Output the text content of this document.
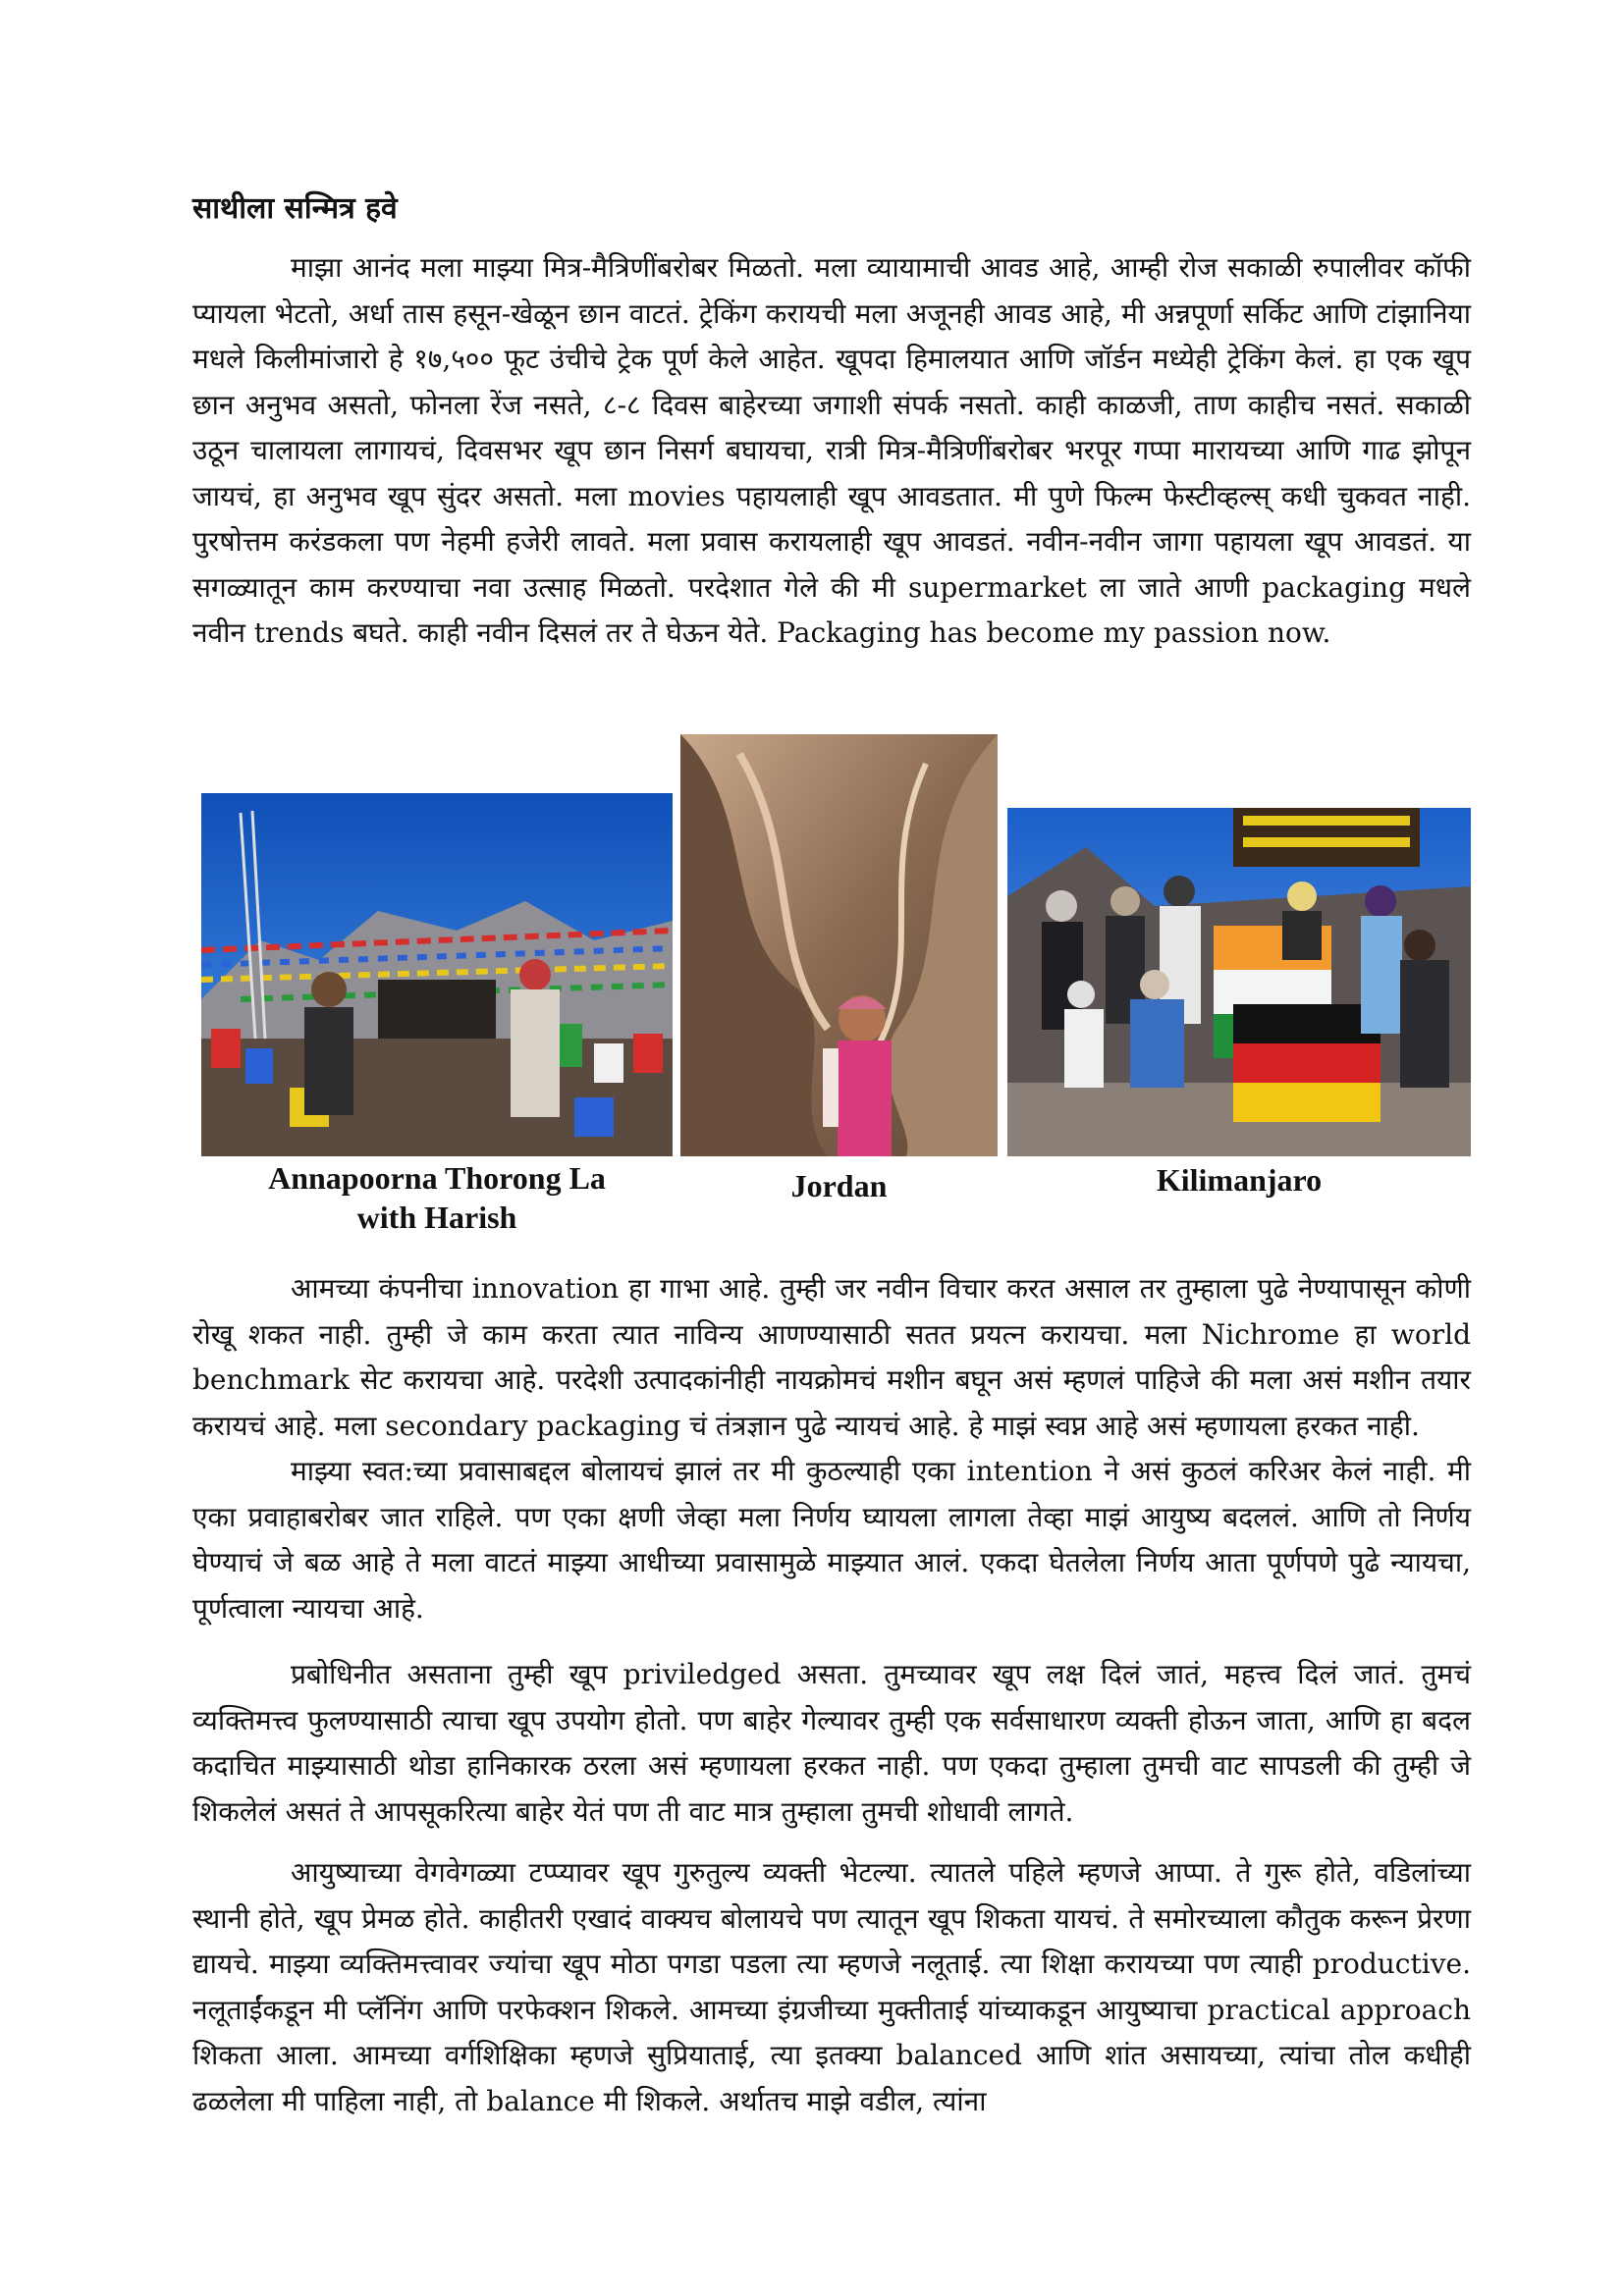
साथीला सन्मित्र हवे

माझा आनंद मला माझ्या मित्र-मैत्रिणींबरोबर मिळतो. मला व्यायामाची आवड आहे, आम्ही रोज सकाळी रुपालीवर कॉफी प्यायला भेटतो, अर्धा तास हसून-खेळून छान वाटतं. ट्रेकिंग करायची मला अजूनही आवड आहे, मी अन्नपूर्णा सर्किट आणि टांझानिया मधले किलीमांजारो हे १७,५०० फूट उंचीचे ट्रेक पूर्ण केले आहेत. खूपदा हिमालयात आणि जॉर्डन मध्येही ट्रेकिंग केलं. हा एक खूप छान अनुभव असतो, फोनला रेंज नसते, ८-८ दिवस बाहेरच्या जगाशी संपर्क नसतो. काही काळजी, ताण काहीच नसतं. सकाळी उठून चालायला लागायचं, दिवसभर खूप छान निसर्ग बघायचा, रात्री मित्र-मैत्रिणींबरोबर भरपूर गप्पा मारायच्या आणि गाढ झोपून जायचं, हा अनुभव खूप सुंदर असतो. मला movies पहायलाही खूप आवडतात. मी पुणे फिल्म फेस्टीव्हल्स् कधी चुकवत नाही. पुरषोत्तम करंडकला पण नेहमी हजेरी लावते. मला प्रवास करायलाही खूप आवडतं. नवीन-नवीन जागा पहायला खूप आवडतं. या सगळ्यातून काम करण्याचा नवा उत्साह मिळतो. परदेशात गेले की मी supermarket ला जाते आणी packaging मधले नवीन trends बघते. काही नवीन दिसलं तर ते घेऊन येते. Packaging has become my passion now.

Annapoorna Thorong La
with Harish
Jordan	Kilimanjaro

आमच्या कंपनीचा innovation हा गाभा आहे. तुम्ही जर नवीन विचार करत असाल तर तुम्हाला पुढे नेण्यापासून कोणी रोखू शकत नाही. तुम्ही जे काम करता त्यात नाविन्य आणण्यासाठी सतत प्रयत्न करायचा. मला Nichrome हा world benchmark सेट करायचा आहे. परदेशी उत्पादकांनीही नायक्रोमचं मशीन बघून असं म्हणलं पाहिजे की मला असं मशीन तयार करायचं आहे. मला secondary packaging चं तंत्रज्ञान पुढे न्यायचं आहे. हे माझं स्वप्न आहे असं म्हणायला हरकत नाही.

माझ्या स्वत:च्या प्रवासाबद्दल बोलायचं झालं तर मी कुठल्याही एका intention ने असं कुठलं करिअर केलं नाही. मी एका प्रवाहाबरोबर जात राहिले. पण एका क्षणी जेव्हा मला निर्णय घ्यायला लागला तेव्हा माझं आयुष्य बदललं. आणि तो निर्णय घेण्याचं जे बळ आहे ते मला वाटतं माझ्या आधीच्या प्रवासामुळे माझ्यात आलं. एकदा घेतलेला निर्णय आता पूर्णपणे पुढे न्यायचा, पूर्णत्वाला न्यायचा आहे.

प्रबोधिनीत असताना तुम्ही खूप priviledged असता. तुमच्यावर खूप लक्ष दिलं जातं, महत्त्व दिलं जातं. तुमचं व्यक्तिमत्त्व फुलण्यासाठी त्याचा खूप उपयोग होतो. पण बाहेर गेल्यावर तुम्ही एक सर्वसाधारण व्यक्ती होऊन जाता, आणि हा बदल कदाचित माझ्यासाठी थोडा हानिकारक ठरला असं म्हणायला हरकत नाही. पण एकदा तुम्हाला तुमची वाट सापडली की तुम्ही जे शिकलेलं असतं ते आपसूकरित्या बाहेर येतं पण ती वाट मात्र तुम्हाला तुमची शोधावी लागते.

आयुष्याच्या वेगवेगळ्या टप्प्यावर खूप गुरुतुल्य व्यक्ती भेटल्या. त्यातले पहिले म्हणजे आप्पा. ते गुरू होते, वडिलांच्या स्थानी होते, खूप प्रेमळ होते. काहीतरी एखादं वाक्यच बोलायचे पण त्यातून खूप शिकता यायचं. ते समोरच्याला कौतुक करून प्रेरणा द्यायचे. माझ्या व्यक्तिमत्त्वावर ज्यांचा खूप मोठा पगडा पडला त्या म्हणजे नलूताई. त्या शिक्षा करायच्या पण त्याही productive. नलूताईंकडून मी प्लॅनिंग आणि परफेक्शन शिकले. आमच्या इंग्रजीच्या मुक्तीताई यांच्याकडून आयुष्याचा practical approach शिकता आला. आमच्या वर्गशिक्षिका म्हणजे सुप्रियाताई, त्या इतक्या balanced आणि शांत असायच्या, त्यांचा तोल कधीही ढळलेला मी पाहिला नाही, तो balance मी शिकले. अर्थातच माझे वडील, त्यांना
